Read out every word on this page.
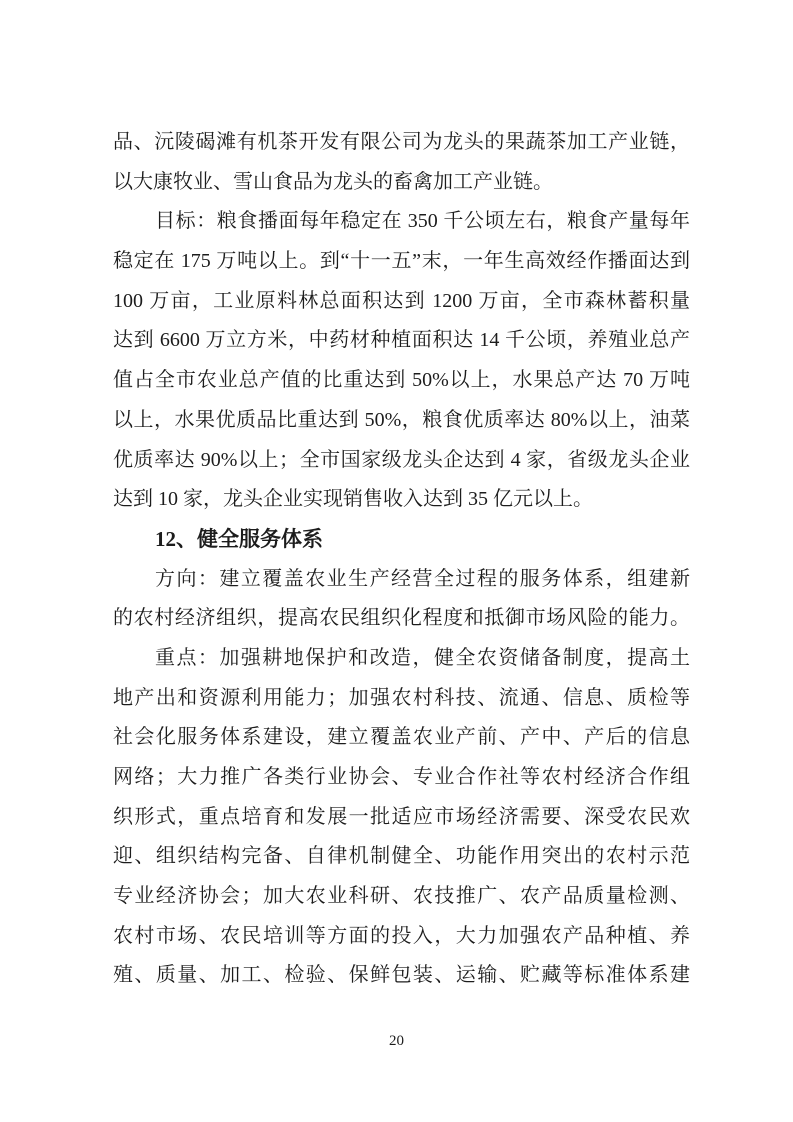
品、沅陵碣滩有机茶开发有限公司为龙头的果蔬茶加工产业链，
以大康牧业、雪山食品为龙头的畜禽加工产业链。
目标：粮食播面每年稳定在 350 千公顷左右，粮食产量每年
稳定在 175 万吨以上。到“十一五”末，一年生高效经作播面达到
100 万亩，工业原料林总面积达到 1200 万亩，全市森林蓄积量
达到 6600 万立方米，中药材种植面积达 14 千公顷，养殖业总产
值占全市农业总产值的比重达到 50%以上，水果总产达 70 万吨
以上，水果优质品比重达到 50%，粮食优质率达 80%以上，油菜
优质率达 90%以上；全市国家级龙头企达到 4 家，省级龙头企业
达到 10 家，龙头企业实现销售收入达到 35 亿元以上。
12、健全服务体系
方向：建立覆盖农业生产经营全过程的服务体系，组建新
的农村经济组织，提高农民组织化程度和抵御市场风险的能力。
重点：加强耕地保护和改造，健全农资储备制度，提高土
地产出和资源利用能力；加强农村科技、流通、信息、质检等
社会化服务体系建设，建立覆盖农业产前、产中、产后的信息
网络；大力推广各类行业协会、专业合作社等农村经济合作组
织形式，重点培育和发展一批适应市场经济需要、深受农民欢
迎、组织结构完备、自律机制健全、功能作用突出的农村示范
专业经济协会；加大农业科研、农技推广、农产品质量检测、
农村市场、农民培训等方面的投入，大力加强农产品种植、养
殖、质量、加工、检验、保鲜包装、运输、贮藏等标准体系建
20
